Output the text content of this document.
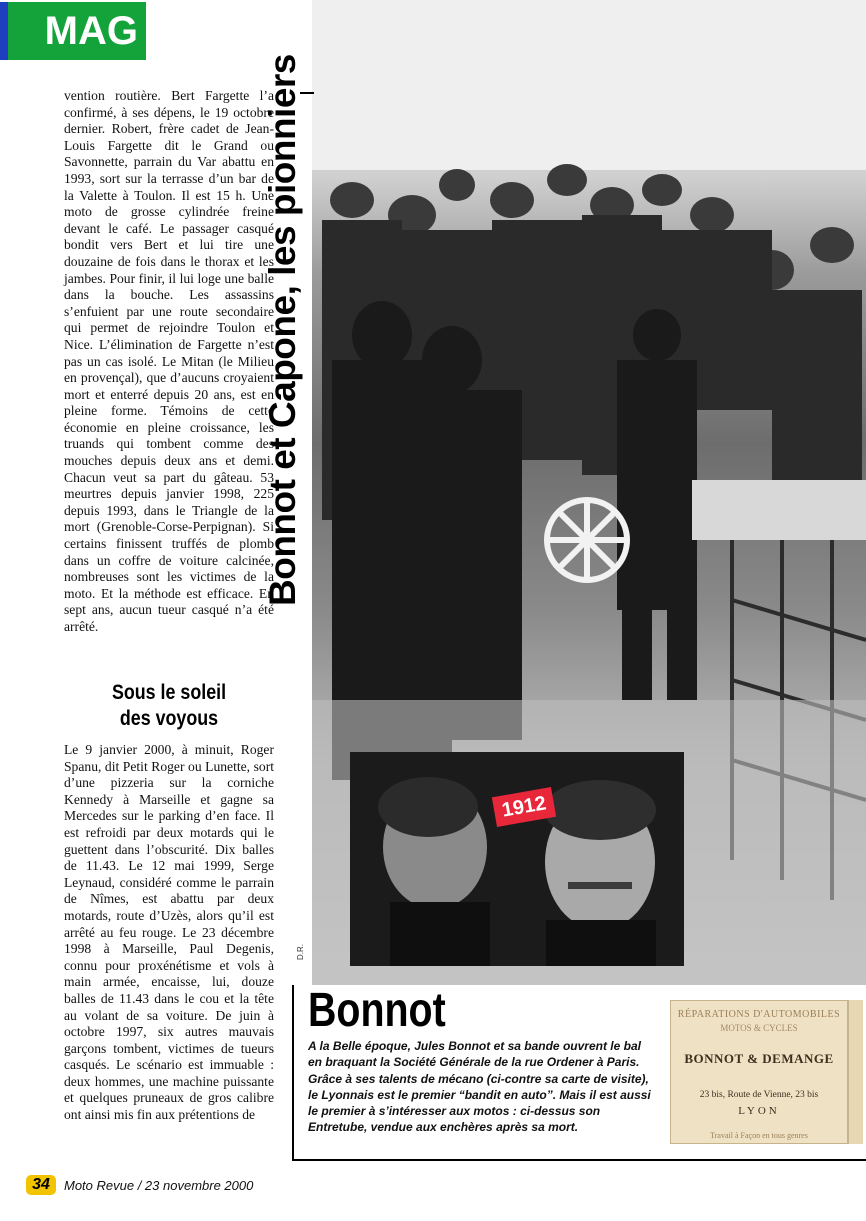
MAG

vention routière. Bert Fargette l’a confirmé, à ses dépens, le 19 octobre dernier. Robert, frère cadet de Jean-Louis Fargette dit le Grand ou Savonnette, parrain du Var abattu en 1993, sort sur la terrasse d’un bar de la Valette à Toulon. Il est 15 h. Une moto de grosse cylindrée freine devant le café. Le passager casqué bondit vers Bert et lui tire une douzaine de fois dans le thorax et les jambes. Pour finir, il lui loge une balle dans la bouche. Les assassins s’enfuient par une route secondaire qui permet de rejoindre Toulon et Nice. L’élimination de Fargette n’est pas un cas isolé. Le Mitan (le Milieu en provençal), que d’aucuns croyaient mort et enterré depuis 20 ans, est en pleine forme. Témoins de cette économie en pleine croissance, les truands qui tombent comme des mouches depuis deux ans et demi. Chacun veut sa part du gâteau. 53 meurtres depuis janvier 1998, 225 depuis 1993, dans le Triangle de la mort (Grenoble-Corse-Perpignan). Si certains finissent truffés de plomb dans un coffre de voiture calcinée, nombreuses sont les victimes de la moto. Et la méthode est efficace. En sept ans, aucun tueur casqué n’a été arrêté.

Sous le soleil
des voyous

Le 9 janvier 2000, à minuit, Roger Spanu, dit Petit Roger ou Lunette, sort d’une pizzeria sur la corniche Kennedy à Marseille et gagne sa Mercedes sur le parking d’en face. Il est refroidi par deux motards qui le guettent dans l’obscurité. Dix balles de 11.43. Le 12 mai 1999, Serge Leynaud, considéré comme le parrain de Nîmes, est abattu par deux motards, route d’Uzès, alors qu’il est arrêté au feu rouge. Le 23 décembre 1998 à Marseille, Paul Degenis, connu pour proxénétisme et vols à main armée, encaisse, lui, douze balles de 11.43 dans le cou et la tête au volant de sa voiture. De juin à octobre 1997, six autres mauvais garçons tombent, victimes de tueurs casqués. Le scénario est immuable : deux hommes, une machine puissante et quelques pruneaux de gros calibre ont ainsi mis fin aux prétentions de

Bonnot et Capone, les pionniers
D.R.
1912
Bonnot
A la Belle époque, Jules Bonnot et sa bande ouvrent le bal en braquant la Société Générale de la rue Ordener à Paris. Grâce à ses talents de mécano (ci-contre sa carte de visite), le Lyonnais est le premier “bandit en auto”. Mais il est aussi le premier à s’intéresser aux motos : ci-dessus son Entretube, vendue aux enchères après sa mort.
RÉPARATIONS D'AUTOMOBILES
MOTOS & CYCLES
BONNOT & DEMANGE
23 bis, Route de Vienne, 23 bis
LYON
Travail à Façon en tous genres
34	Moto Revue / 23 novembre 2000
